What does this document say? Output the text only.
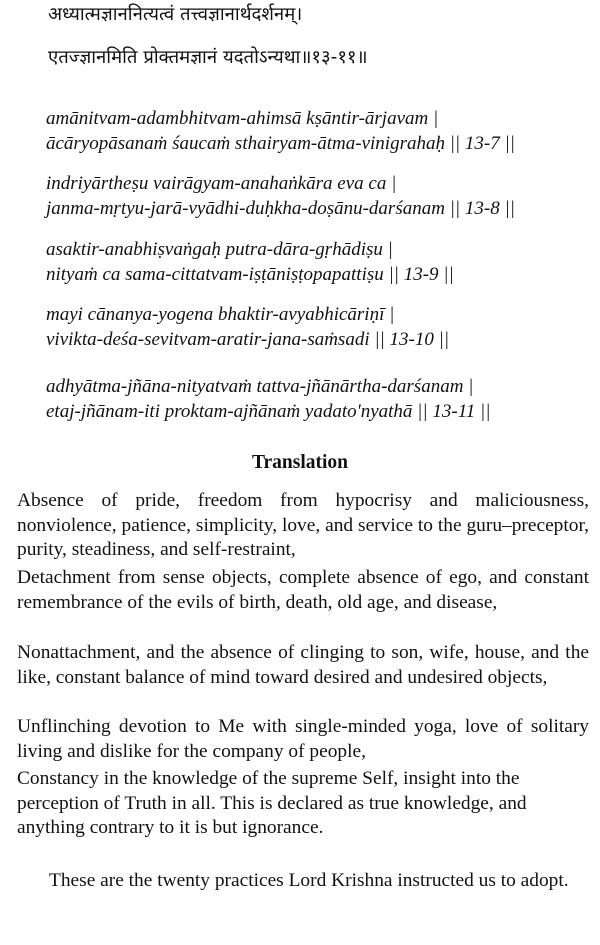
अध्यात्मज्ञाननित्यत्वं तत्त्वज्ञानार्थदर्शनम्।
एतज्ज्ञानमिति प्रोक्तमज्ञानं यदतोऽन्यथा॥१३-११॥
amānitvam-adambhitvam-ahimsā kṣāntir-ārjavam |
ācāryopāsanaṁ śaucaṁ sthairyam-ātma-vinigrahaḥ || 13-7 ||
indriyārtheṣu vairāgyam-anahaṅkāra eva ca |
janma-mṛtyu-jarā-vyādhi-duḥkha-doṣānu-darśanam || 13-8 ||
asaktir-anabhiṣvaṅgaḥ putra-dāra-gṛhādiṣu |
nityaṁ ca sama-cittatvam-iṣṭāniṣṭopapattiṣu || 13-9 ||
mayi cānanya-yogena bhaktir-avyabhicāriṇī |
vivikta-deśa-sevitvam-aratir-jana-saṁsadi || 13-10 ||
adhyātma-jñāna-nityatvaṁ tattva-jñānārtha-darśanam |
etaj-jñānam-iti proktam-ajñānaṁ yadato'nyathā || 13-11 ||
Translation

Absence of pride, freedom from hypocrisy and maliciousness, nonviolence, patience, simplicity, love, and service to the guru–preceptor, purity, steadiness, and self-restraint,

Detachment from sense objects, complete absence of ego, and constant remembrance of the evils of birth, death, old age, and disease,

Nonattachment, and the absence of clinging to son, wife, house, and the like, constant balance of mind toward desired and undesired objects,

Unflinching devotion to Me with single-minded yoga, love of solitary living and dislike for the company of people,

Constancy in the knowledge of the supreme Self, insight into the perception of Truth in all. This is declared as true knowledge, and anything contrary to it is but ignorance.

These are the twenty practices Lord Krishna instructed us to adopt.
